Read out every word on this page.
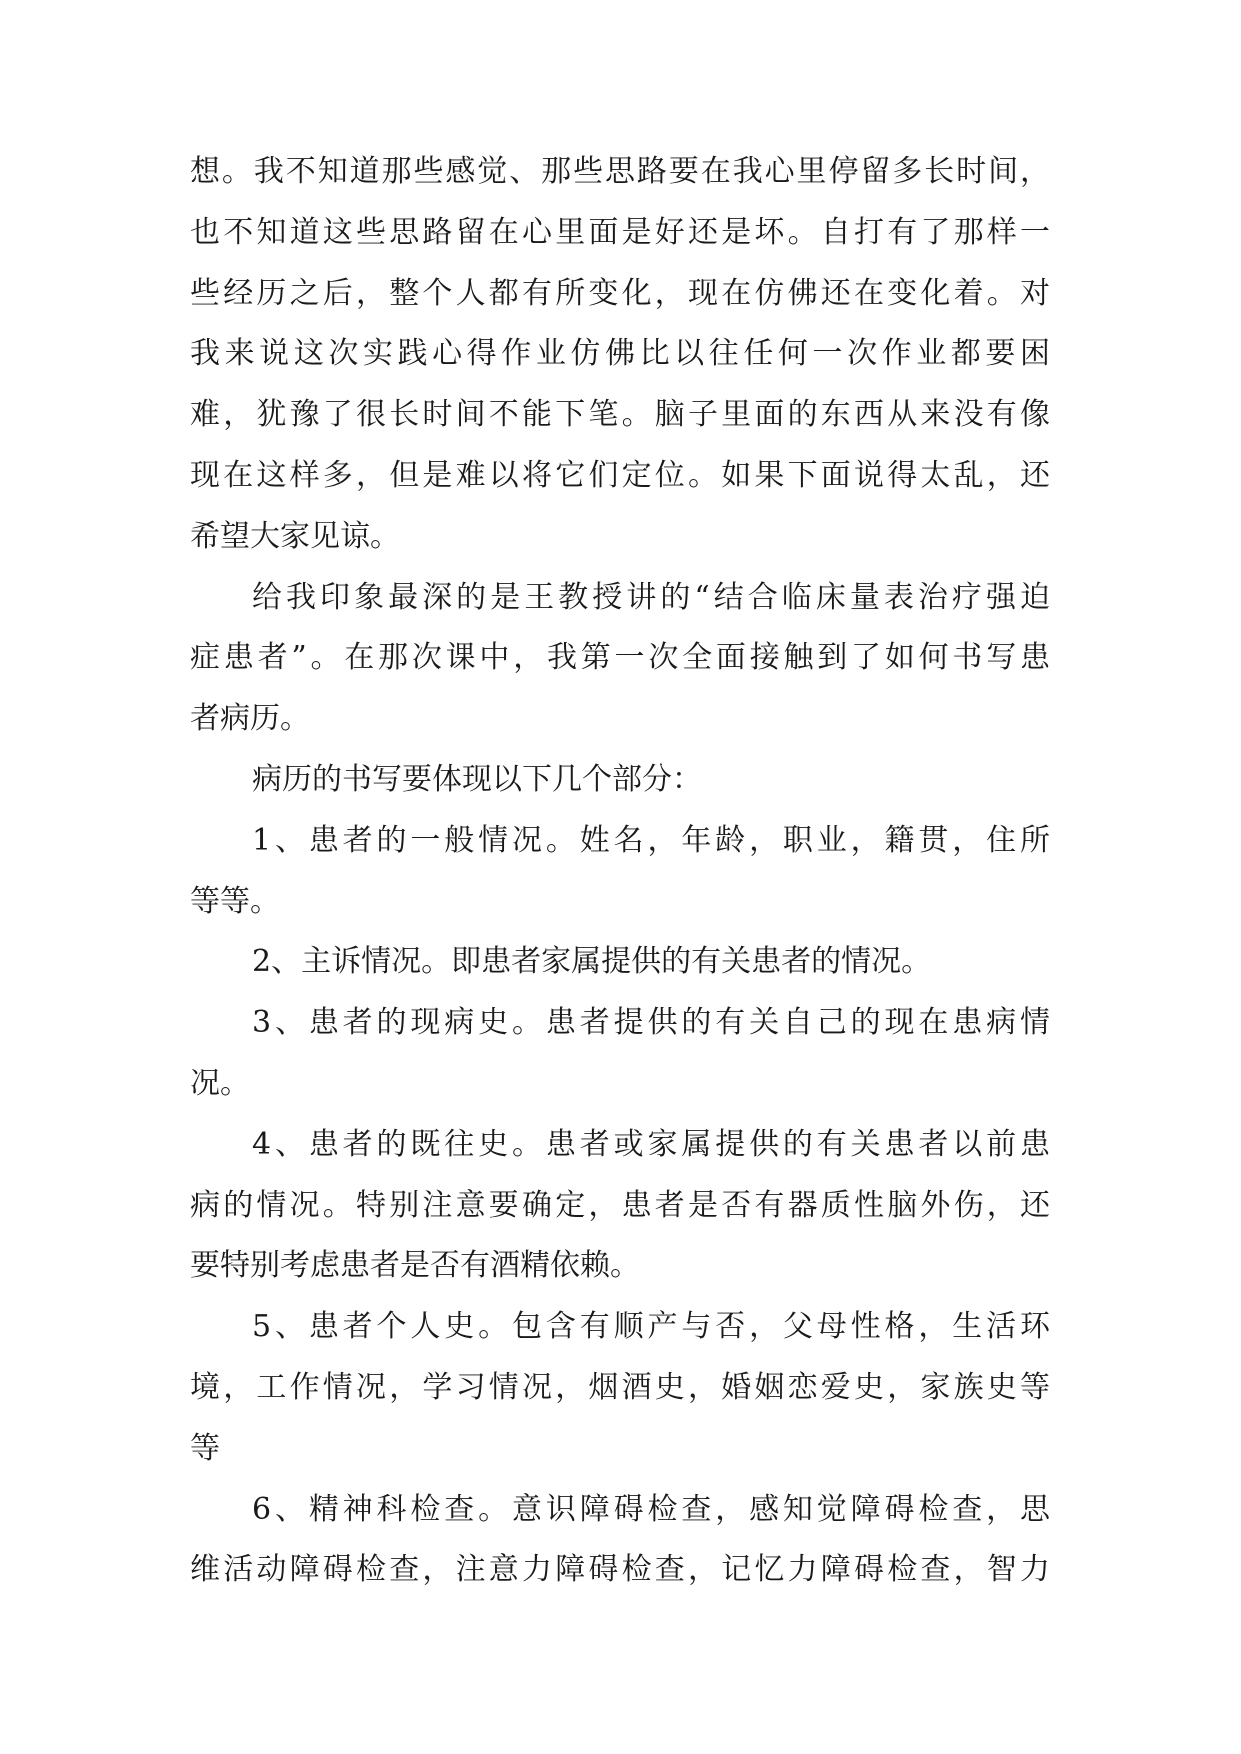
想。我不知道那些感觉、那些思路要在我心里停留多长时间，
也不知道这些思路留在心里面是好还是坏。自打有了那样一
些经历之后，整个人都有所变化，现在仿佛还在变化着。对
我来说这次实践心得作业仿佛比以往任何一次作业都要困
难，犹豫了很长时间不能下笔。脑子里面的东西从来没有像
现在这样多，但是难以将它们定位。如果下面说得太乱，还
希望大家见谅。
给我印象最深的是王教授讲的“结合临床量表治疗强迫
症患者”。在那次课中，我第一次全面接触到了如何书写患
者病历。
病历的书写要体现以下几个部分：
1、患者的一般情况。姓名，年龄，职业，籍贯，住所
等等。
2、主诉情况。即患者家属提供的有关患者的情况。
3、患者的现病史。患者提供的有关自己的现在患病情
况。
4、患者的既往史。患者或家属提供的有关患者以前患
病的情况。特别注意要确定，患者是否有器质性脑外伤，还
要特别考虑患者是否有酒精依赖。
5、患者个人史。包含有顺产与否，父母性格，生活环
境，工作情况，学习情况，烟酒史，婚姻恋爱史，家族史等
等
6、精神科检查。意识障碍检查，感知觉障碍检查，思
维活动障碍检查，注意力障碍检查，记忆力障碍检查，智力
